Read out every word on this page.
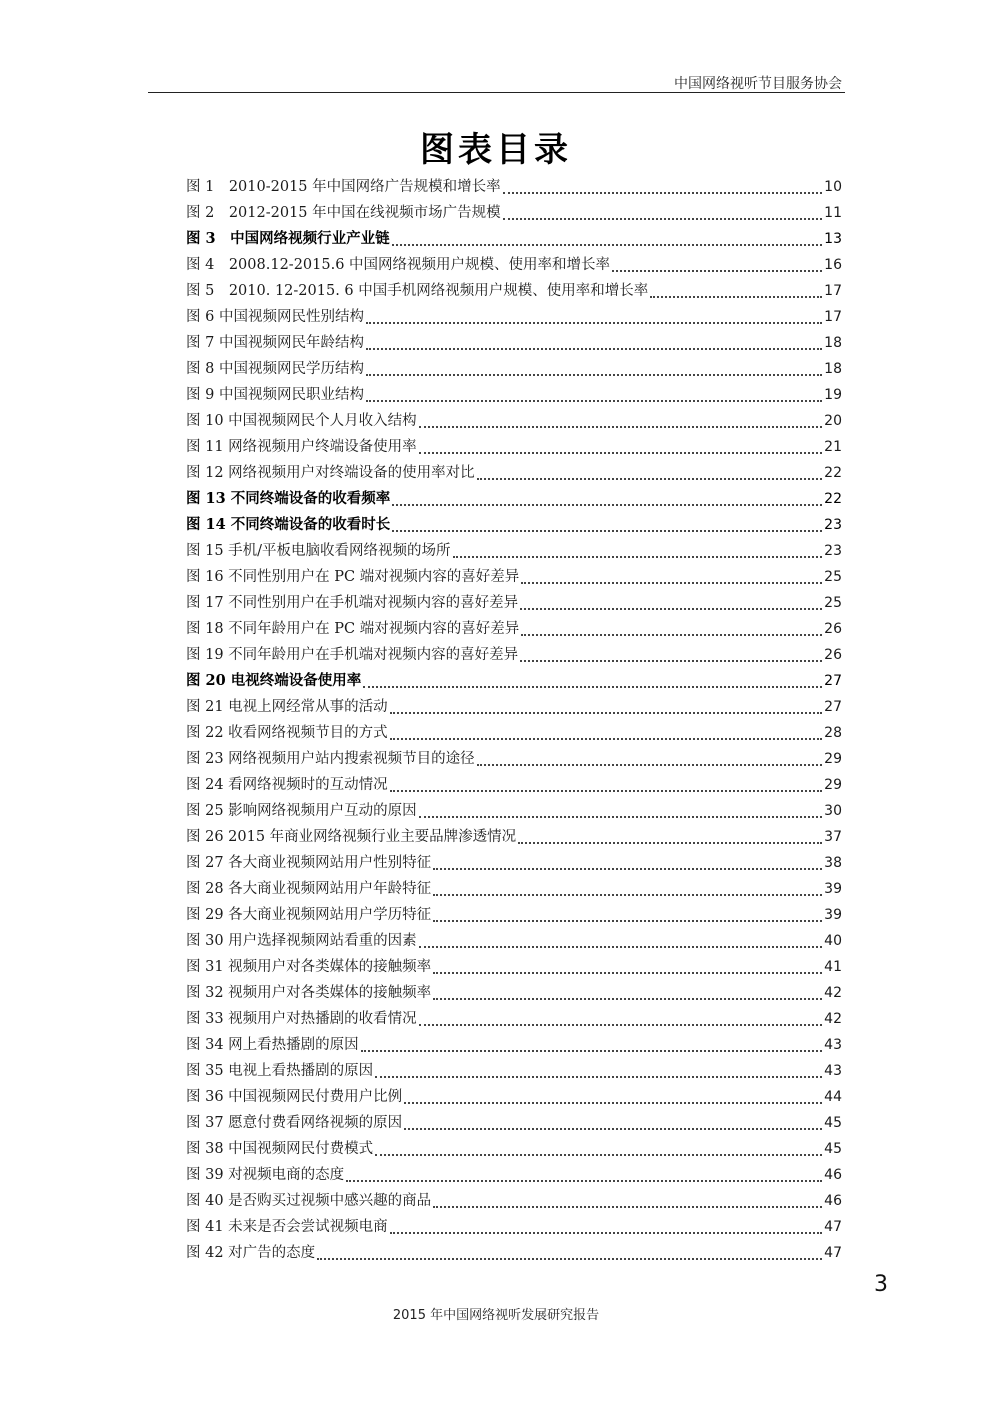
中国网络视听节目服务协会
图表目录
图 1　2010-2015 年中国网络广告规模和增长率	10
图 2　2012-2015 年中国在线视频市场广告规模	11
图 3　中国网络视频行业产业链	13
图 4　2008.12-2015.6 中国网络视频用户规模、使用率和增长率	16
图 5　2010. 12-2015. 6 中国手机网络视频用户规模、使用率和增长率	17
图 6 中国视频网民性别结构	17
图 7 中国视频网民年龄结构	18
图 8 中国视频网民学历结构	18
图 9 中国视频网民职业结构	19
图 10 中国视频网民个人月收入结构	20
图 11 网络视频用户终端设备使用率	21
图 12 网络视频用户对终端设备的使用率对比	22
图 13 不同终端设备的收看频率	22
图 14 不同终端设备的收看时长	23
图 15 手机/平板电脑收看网络视频的场所	23
图 16 不同性别用户在 PC 端对视频内容的喜好差异	25
图 17 不同性别用户在手机端对视频内容的喜好差异	25
图 18 不同年龄用户在 PC 端对视频内容的喜好差异	26
图 19 不同年龄用户在手机端对视频内容的喜好差异	26
图 20 电视终端设备使用率	27
图 21 电视上网经常从事的活动	27
图 22 收看网络视频节目的方式	28
图 23 网络视频用户站内搜索视频节目的途径	29
图 24 看网络视频时的互动情况	29
图 25 影响网络视频用户互动的原因	30
图 26 2015 年商业网络视频行业主要品牌渗透情况	37
图 27 各大商业视频网站用户性别特征	38
图 28 各大商业视频网站用户年龄特征	39
图 29 各大商业视频网站用户学历特征	39
图 30 用户选择视频网站看重的因素	40
图 31 视频用户对各类媒体的接触频率	41
图 32 视频用户对各类媒体的接触频率	42
图 33 视频用户对热播剧的收看情况	42
图 34 网上看热播剧的原因	43
图 35 电视上看热播剧的原因	43
图 36 中国视频网民付费用户比例	44
图 37 愿意付费看网络视频的原因	45
图 38 中国视频网民付费模式	45
图 39 对视频电商的态度	46
图 40 是否购买过视频中感兴趣的商品	46
图 41 未来是否会尝试视频电商	47
图 42 对广告的态度	47
3
2015 年中国网络视听发展研究报告
